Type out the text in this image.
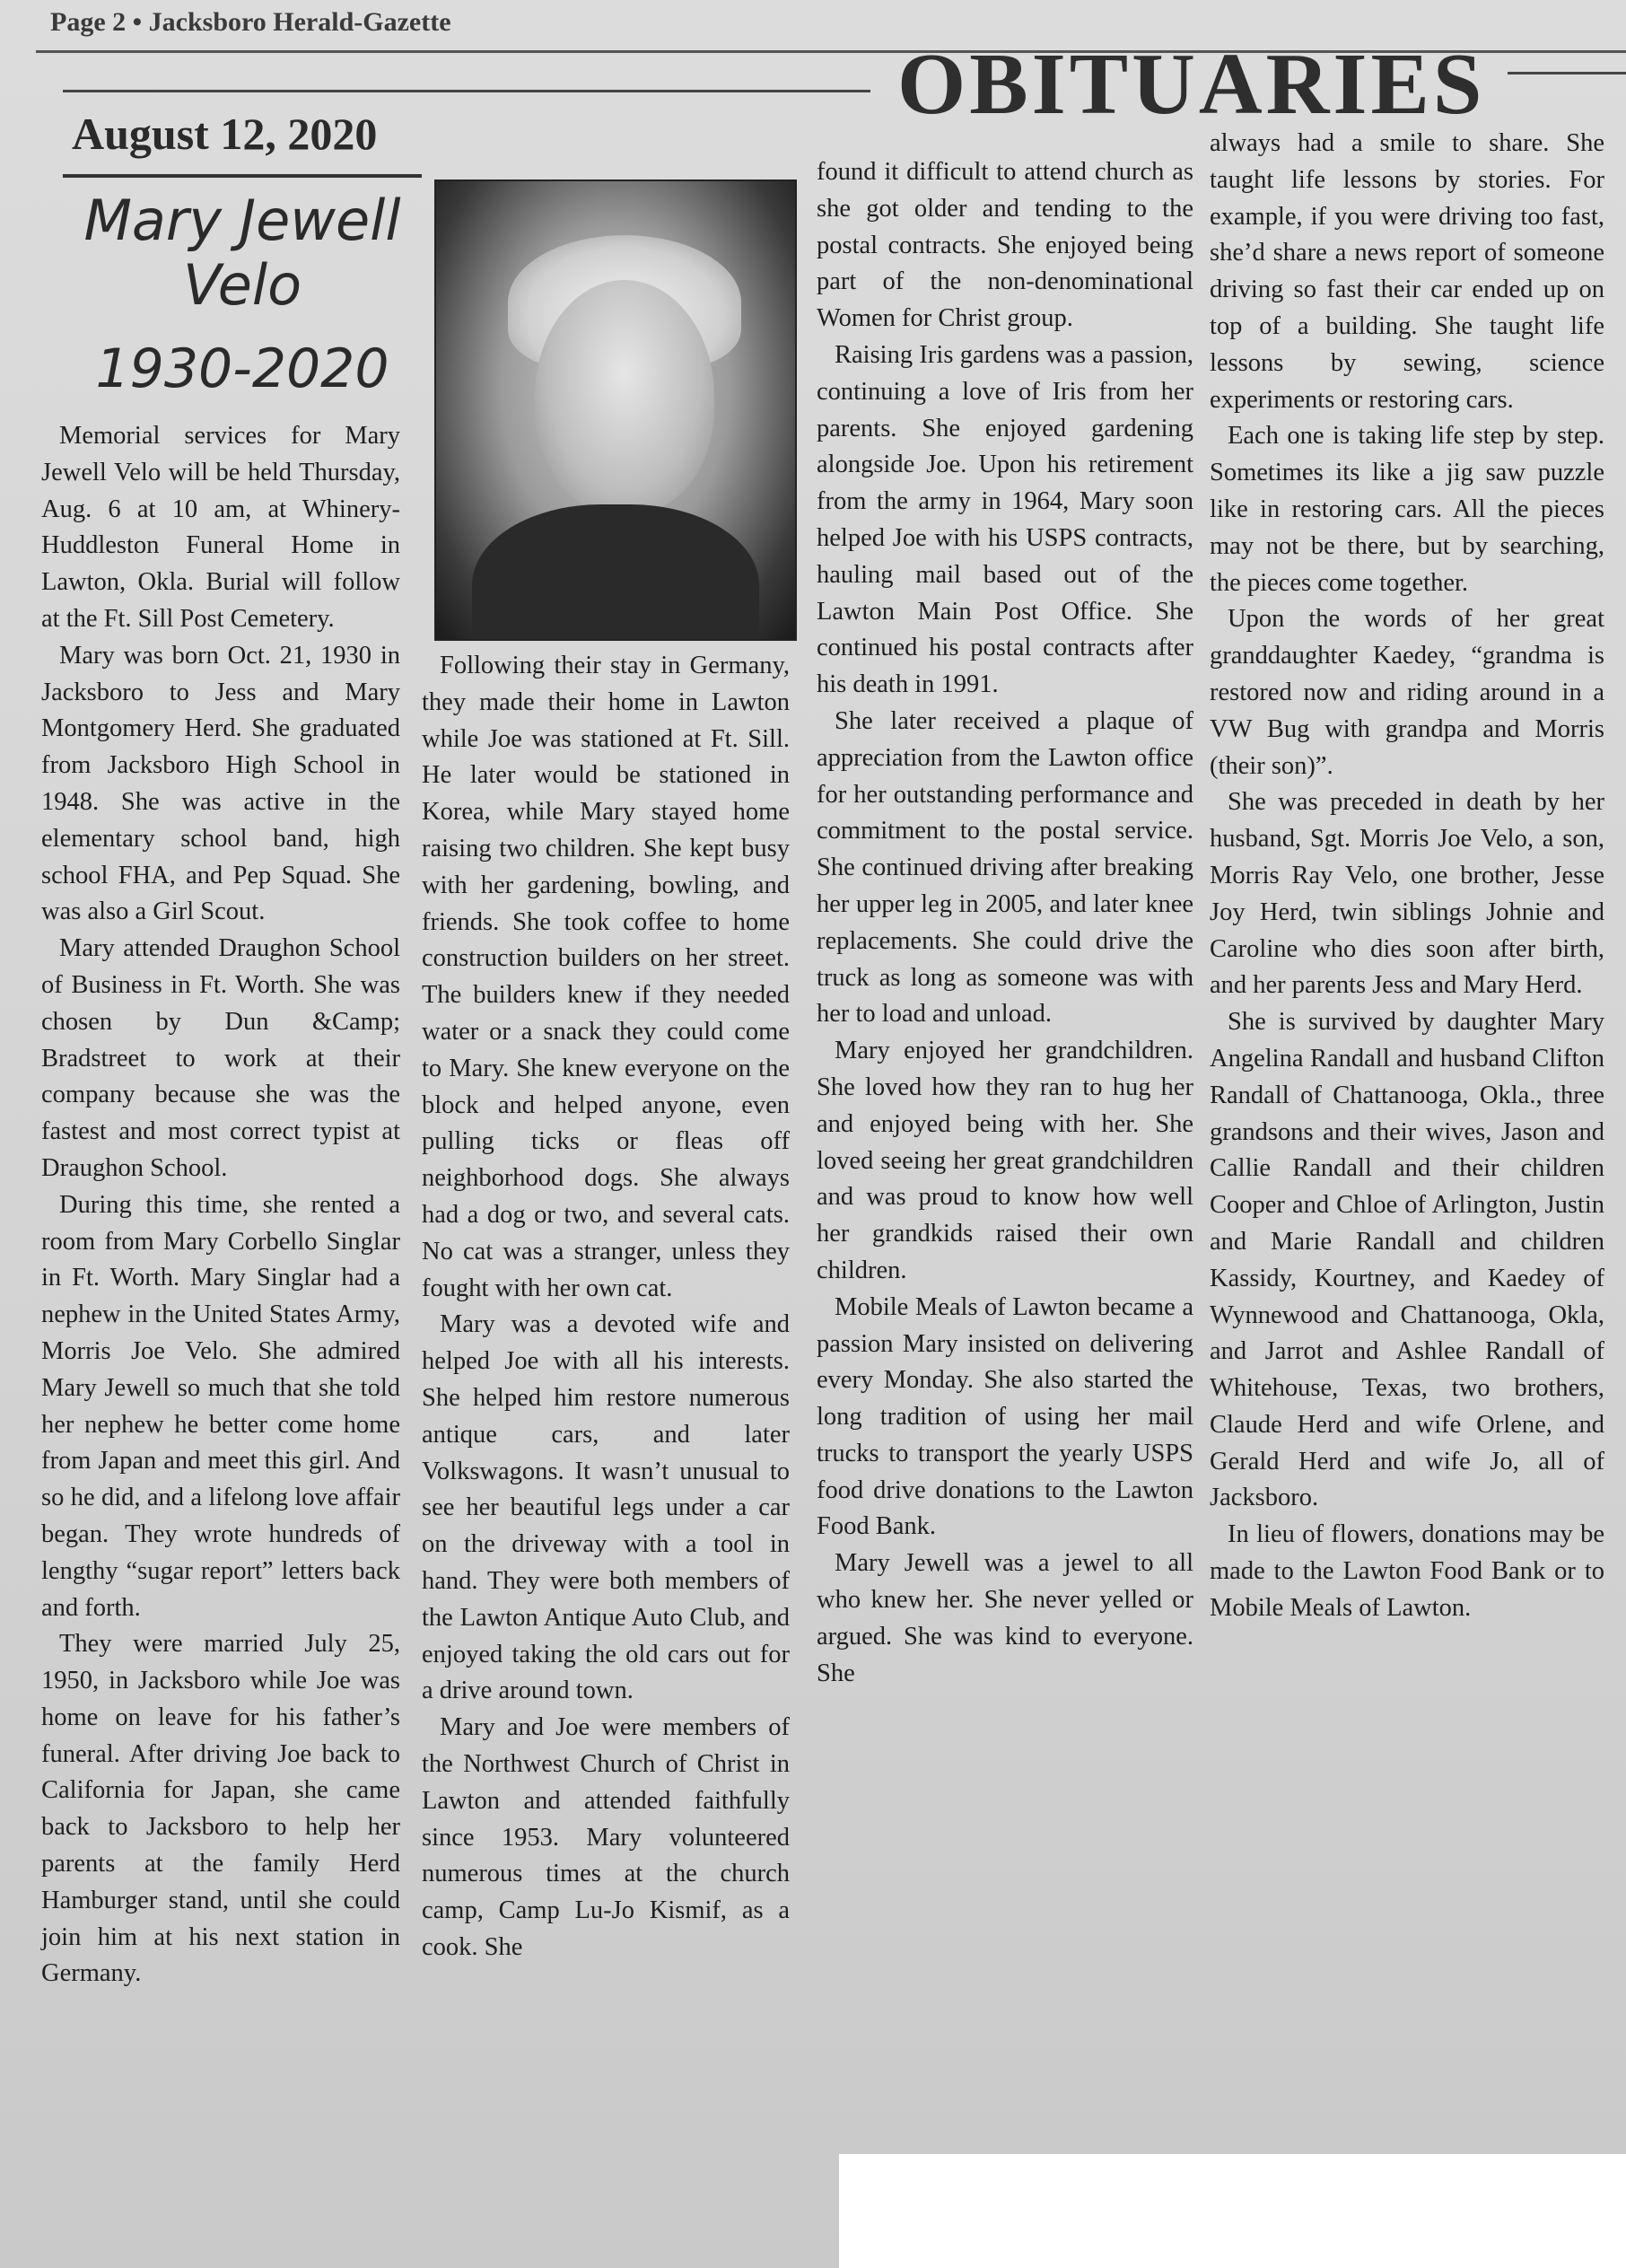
Page 2 • Jacksboro Herald-Gazette
OBITUARIES
August 12, 2020
Mary Jewell Velo
1930-2020

Memorial services for Mary Jewell Velo will be held Thursday, Aug. 6 at 10 am, at Whinery-Huddleston Funeral Home in Lawton, Okla. Burial will follow at the Ft. Sill Post Cemetery.

Mary was born Oct. 21, 1930 in Jacksboro to Jess and Mary Montgomery Herd. She graduated from Jacksboro High School in 1948. She was active in the elementary school band, high school FHA, and Pep Squad. She was also a Girl Scout.

Mary attended Draughon School of Business in Ft. Worth. She was chosen by Dun &Camp; Bradstreet to work at their company because she was the fastest and most correct typist at Draughon School.

During this time, she rented a room from Mary Corbello Singlar in Ft. Worth. Mary Singlar had a nephew in the United States Army, Morris Joe Velo. She admired Mary Jewell so much that she told her nephew he better come home from Japan and meet this girl. And so he did, and a lifelong love affair began. They wrote hundreds of lengthy “sugar report” letters back and forth.

They were married July 25, 1950, in Jacksboro while Joe was home on leave for his father’s funeral. After driving Joe back to California for Japan, she came back to Jacksboro to help her parents at the family Herd Hamburger stand, until she could join him at his next station in Germany.

Following their stay in Germany, they made their home in Lawton while Joe was stationed at Ft. Sill. He later would be stationed in Korea, while Mary stayed home raising two children. She kept busy with her gardening, bowling, and friends. She took coffee to home construction builders on her street. The builders knew if they needed water or a snack they could come to Mary. She knew everyone on the block and helped anyone, even pulling ticks or fleas off neighborhood dogs. She always had a dog or two, and several cats. No cat was a stranger, unless they fought with her own cat.

Mary was a devoted wife and helped Joe with all his interests. She helped him restore numerous antique cars, and later Volkswagons. It wasn’t unusual to see her beautiful legs under a car on the driveway with a tool in hand. They were both members of the Lawton Antique Auto Club, and enjoyed taking the old cars out for a drive around town.

Mary and Joe were members of the Northwest Church of Christ in Lawton and attended faithfully since 1953. Mary volunteered numerous times at the church camp, Camp Lu-Jo Kismif, as a cook. She

found it difficult to attend church as she got older and tending to the postal contracts. She enjoyed being part of the non-denominational Women for Christ group.

Raising Iris gardens was a passion, continuing a love of Iris from her parents. She enjoyed gardening alongside Joe. Upon his retirement from the army in 1964, Mary soon helped Joe with his USPS contracts, hauling mail based out of the Lawton Main Post Office. She continued his postal contracts after his death in 1991.

She later received a plaque of appreciation from the Lawton office for her outstanding performance and commitment to the postal service. She continued driving after breaking her upper leg in 2005, and later knee replacements. She could drive the truck as long as someone was with her to load and unload.

Mary enjoyed her grandchildren. She loved how they ran to hug her and enjoyed being with her. She loved seeing her great grandchildren and was proud to know how well her grandkids raised their own children.

Mobile Meals of Lawton became a passion Mary insisted on delivering every Monday. She also started the long tradition of using her mail trucks to transport the yearly USPS food drive donations to the Lawton Food Bank.

Mary Jewell was a jewel to all who knew her. She never yelled or argued. She was kind to everyone. She

always had a smile to share. She taught life lessons by stories. For example, if you were driving too fast, she’d share a news report of someone driving so fast their car ended up on top of a building. She taught life lessons by sewing, science experiments or restoring cars.

Each one is taking life step by step. Sometimes its like a jig saw puzzle like in restoring cars. All the pieces may not be there, but by searching, the pieces come together.

Upon the words of her great granddaughter Kaedey, “grandma is restored now and riding around in a VW Bug with grandpa and Morris (their son)”.

She was preceded in death by her husband, Sgt. Morris Joe Velo, a son, Morris Ray Velo, one brother, Jesse Joy Herd, twin siblings Johnie and Caroline who dies soon after birth, and her parents Jess and Mary Herd.

She is survived by daughter Mary Angelina Randall and husband Clifton Randall of Chattanooga, Okla., three grandsons and their wives, Jason and Callie Randall and their children Cooper and Chloe of Arlington, Justin and Marie Randall and children Kassidy, Kourtney, and Kaedey of Wynnewood and Chattanooga, Okla, and Jarrot and Ashlee Randall of Whitehouse, Texas, two brothers, Claude Herd and wife Orlene, and Gerald Herd and wife Jo, all of Jacksboro.

In lieu of flowers, donations may be made to the Lawton Food Bank or to Mobile Meals of Lawton.
